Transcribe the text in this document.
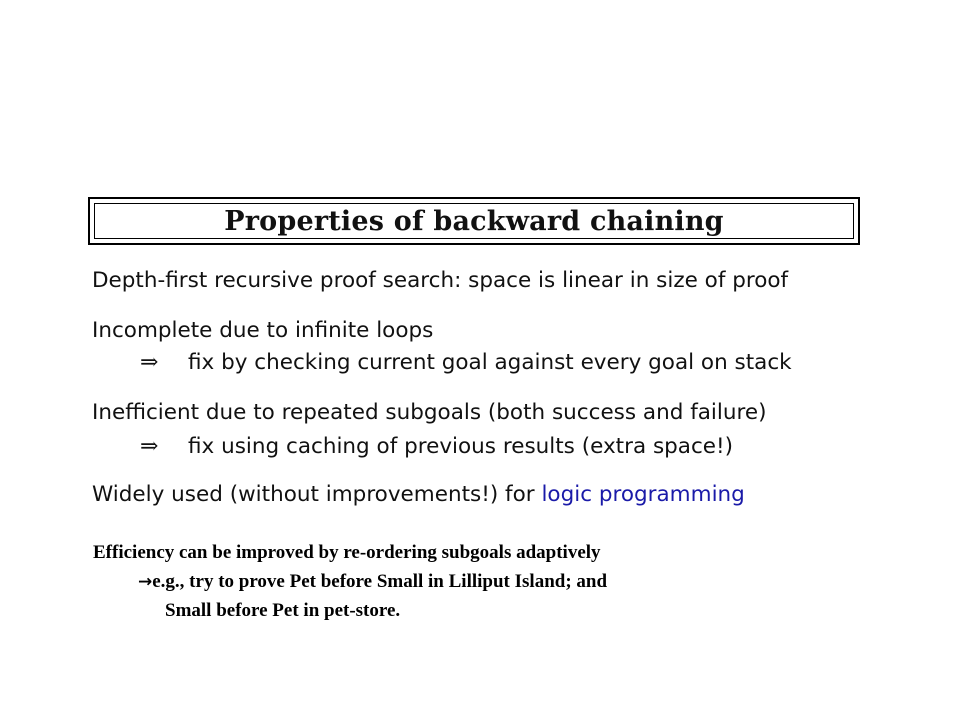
Properties of backward chaining
Depth-first recursive proof search: space is linear in size of proof
Incomplete due to infinite loops
⇒ fix by checking current goal against every goal on stack
Inefficient due to repeated subgoals (both success and failure)
⇒ fix using caching of previous results (extra space!)
Widely used (without improvements!) for logic programming
Efficiency can be improved by re-ordering subgoals adaptively
→e.g., try to prove Pet before Small in Lilliput Island; and
Small before Pet in pet-store.
